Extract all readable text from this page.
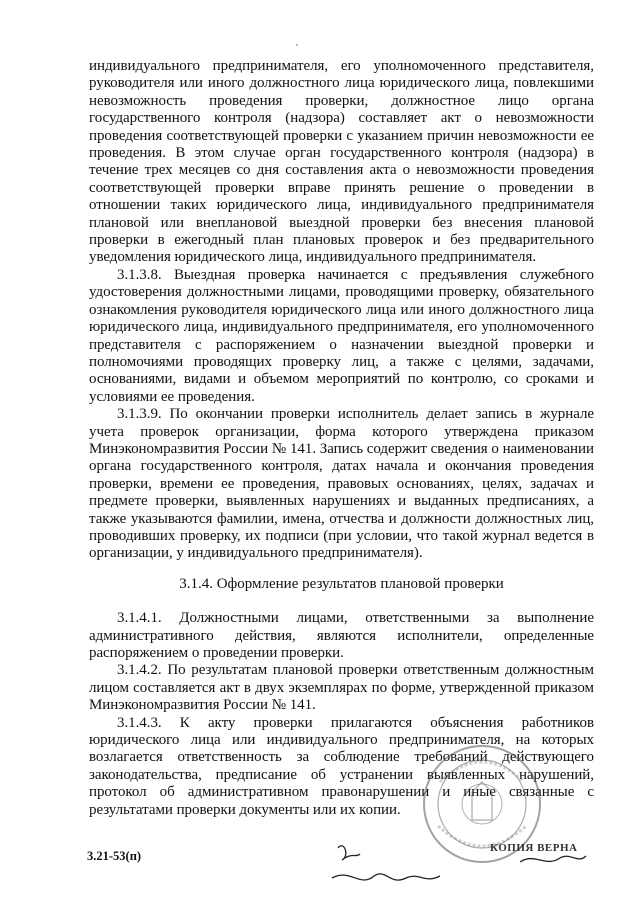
индивидуального предпринимателя, его уполномоченного представителя, руководителя или иного должностного лица юридического лица, повлекшими невозможность проведения проверки, должностное лицо органа государственного контроля (надзора) составляет акт о невозможности проведения соответствующей проверки с указанием причин невозможности ее проведения. В этом случае орган государственного контроля (надзора) в течение трех месяцев со дня составления акта о невозможности проведения соответствующей проверки вправе принять решение о проведении в отношении таких юридического лица, индивидуального предпринимателя плановой или внеплановой выездной проверки без внесения плановой проверки в ежегодный план плановых проверок и без предварительного уведомления юридического лица, индивидуального предпринимателя.

3.1.3.8. Выездная проверка начинается с предъявления служебного удостоверения должностными лицами, проводящими проверку, обязательного ознакомления руководителя юридического лица или иного должностного лица юридического лица, индивидуального предпринимателя, его уполномоченного представителя с распоряжением о назначении выездной проверки и полномочиями проводящих проверку лиц, а также с целями, задачами, основаниями, видами и объемом мероприятий по контролю, со сроками и условиями ее проведения.

3.1.3.9. По окончании проверки исполнитель делает запись в журнале учета проверок организации, форма которого утверждена приказом Минэкономразвития России № 141. Запись содержит сведения о наименовании органа государственного контроля, датах начала и окончания проведения проверки, времени ее проведения, правовых основаниях, целях, задачах и предмете проверки, выявленных нарушениях и выданных предписаниях, а также указываются фамилии, имена, отчества и должности должностных лиц, проводивших проверку, их подписи (при условии, что такой журнал ведется в организации, у индивидуального предпринимателя).

3.1.4. Оформление результатов плановой проверки

3.1.4.1. Должностными лицами, ответственными за выполнение административного действия, являются исполнители, определенные распоряжением о проведении проверки.

3.1.4.2. По результатам плановой проверки ответственным должностным лицом составляется акт в двух экземплярах по форме, утвержденной приказом Минэкономразвития России № 141.

3.1.4.3. К акту проверки прилагаются объяснения работников юридического лица или индивидуального предпринимателя, на которых возлагается ответственность за соблюдение требований действующего законодательства, предписание об устранении выявленных нарушений, протокол об административном правонарушении и иные связанные с результатами проверки документы или их копии.

КОПИЯ ВЕРНА
3.21-53(п)
